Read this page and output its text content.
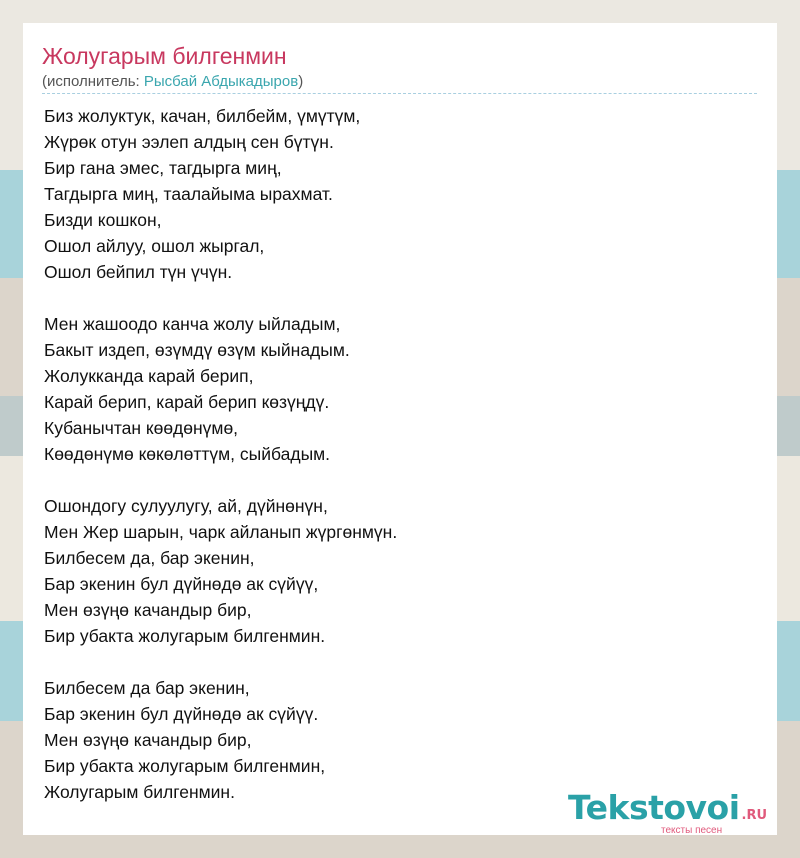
Жолугарым билгенмин
(исполнитель: Рысбай Абдыкадыров)
Биз жолуктук, качан, билбейм, үмүтүм,
Жүрөк отун ээлеп алдың сен бүтүн.
Бир гана эмес, тагдырга миң,
Тагдырга миң, таалайыма ырахмат.
Бизди кошкон,
Ошол айлуу, ошол жыргал,
Ошол бейпил түн үчүн.
Мен жашоодо канча жолу ыйладым,
Бакыт издеп, өзүмдү өзүм кыйнадым.
Жолукканда карай берип,
Карай берип, карай берип көзүңдү.
Кубанычтан көөдөнүмө,
Көөдөнүмө көкөлөттүм, сыйбадым.
Ошондогу сулуулугу, ай, дүйнөнүн,
Мен Жер шарын, чарк айланып жүргөнмүн.
Билбесем да, бар экенин,
Бар экенин бул дүйнөдө ак сүйүү,
Мен өзүңө качандыр бир,
Бир убакта жолугарым билгенмин.
Билбесем да бар экенин,
Бар экенин бул дүйнөдө ак сүйүү.
Мен өзүңө качандыр бир,
Бир убакта жолугарым билгенмин,
Жолугарым билгенмин.	Tekstovoi .RU
тексты песен
